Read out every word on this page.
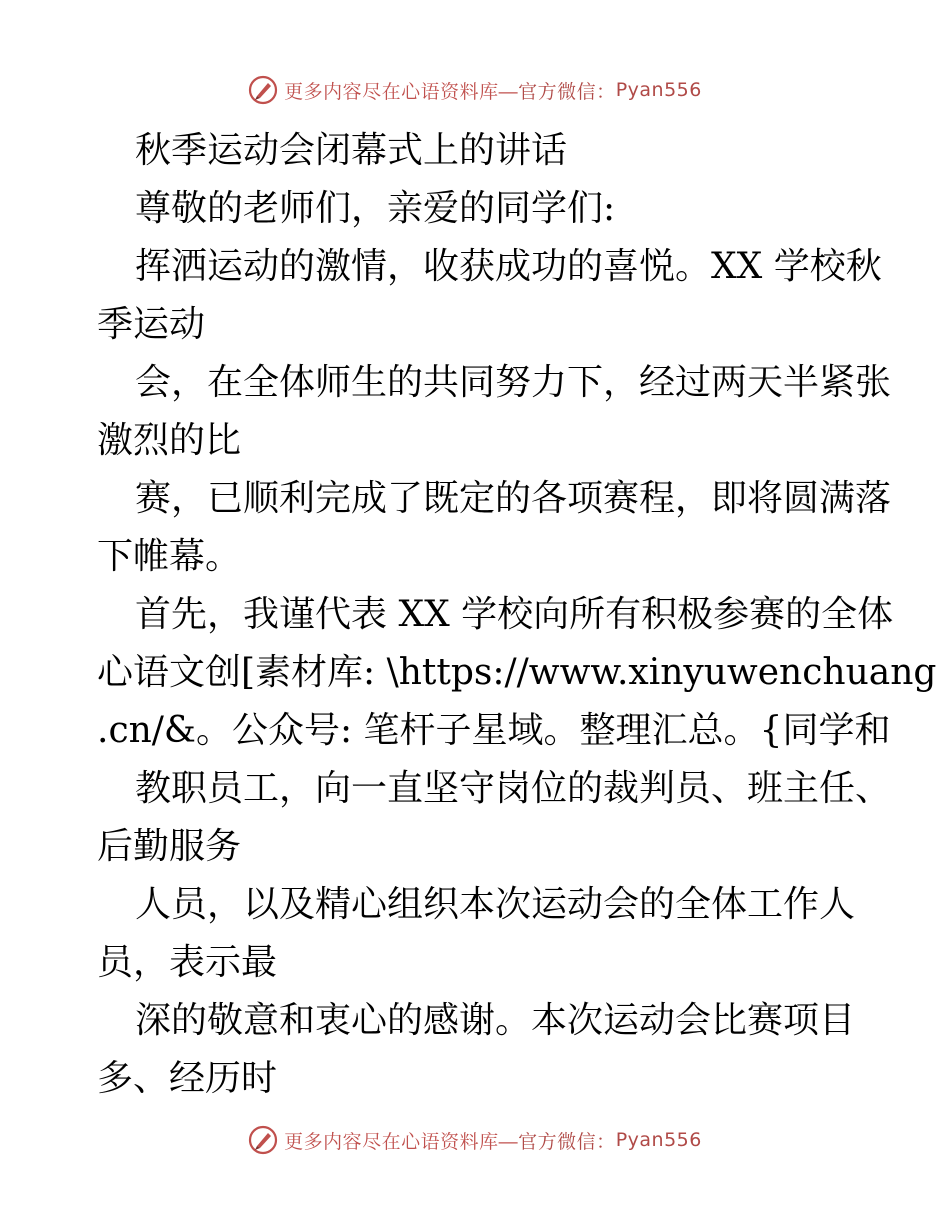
更多内容尽在心语资料库— 官方微信： Pyan556

秋季运动会闭幕式上的讲话

尊敬的老师们，亲爱的同学们:

挥洒运动的激情，收获成功的喜悦。XX 学校秋

季运动

会，在全体师生的共同努力下，经过两天半紧张

激烈的比

赛，已顺利完成了既定的各项赛程，即将圆满落

下帷幕。

首先，我谨代表 XX 学校向所有积极参赛的全体

心语文创[素材库: \https://www.xinyuwenchuang

.cn/&。公众号: 笔杆子星域。整理汇总。{同学和

教职员工，向一直坚守岗位的裁判员、班主任、

后勤服务

人员，以及精心组织本次运动会的全体工作人

员，表示最

深的敬意和衷心的感谢。本次运动会比赛项目

多、经历时

更多内容尽在心语资料库— 官方微信： Pyan556
